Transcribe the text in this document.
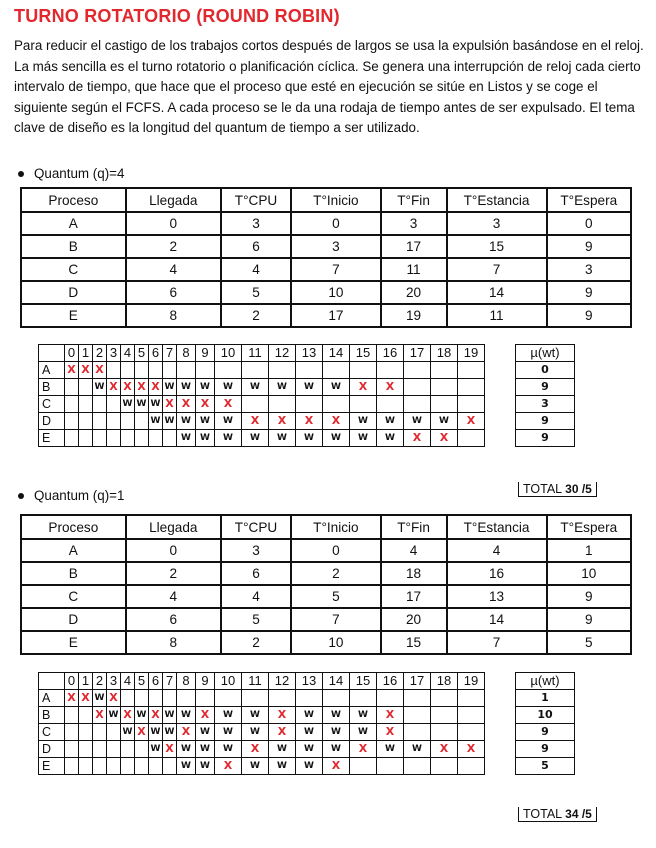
TURNO ROTATORIO (ROUND ROBIN)
Para reducir el castigo de los trabajos cortos después de largos se usa la expulsión basándose en el reloj. La más sencilla es el turno rotatorio o planificación cíclica. Se genera una interrupción de reloj cada cierto intervalo de tiempo, que hace que el proceso que esté en ejecución se sitúe en Listos y se coge el siguiente según el FCFS. A cada proceso se le da una rodaja de tiempo antes de ser expulsado. El tema clave de diseño es la longitud del quantum de tiempo a ser utilizado.
Quantum (q)=4
Proceso	Llegada	T°CPU	T°Inicio	T°Fin	T°Estancia	T°Espera
A	0	3	0	3	3	0
B	2	6	3	17	15	9
C	4	4	7	11	7	3
D	6	5	10	20	14	9
E	8	2	17	19	11	9
	0	1	2	3	4	5	6	7	8	9	10	11	12	13	14	15	16	17	18	19		µ(wt)
A	X	X	X																			0
B			W	X	X	X	X	W	W	W	W	W	W	W	W	X	X					9
C					W	W	W	X	X	X	X											3
D							W	W	W	W	W	X	X	X	X	W	W	W	W	X		9
E									W	W	W	W	W	W	W	W	W	X	X			9
TOTAL 30 /5
Quantum (q)=1
Proceso	Llegada	T°CPU	T°Inicio	T°Fin	T°Estancia	T°Espera
A	0	3	0	4	4	1
B	2	6	2	18	16	10
C	4	4	5	17	13	9
D	6	5	7	20	14	9
E	8	2	10	15	7	5
	0	1	2	3	4	5	6	7	8	9	10	11	12	13	14	15	16	17	18	19		µ(wt)
A	X	X	W	X																		1
B			X	W	X	W	X	W	W	X	W	W	X	W	W	W	X					10
C					W	X	W	W	X	W	W	W	X	W	W	W	X					9
D							W	X	W	W	W	X	W	W	W	X	W	W	X	X		9
E									W	W	X	W	W	W	X							5
TOTAL 34 /5
